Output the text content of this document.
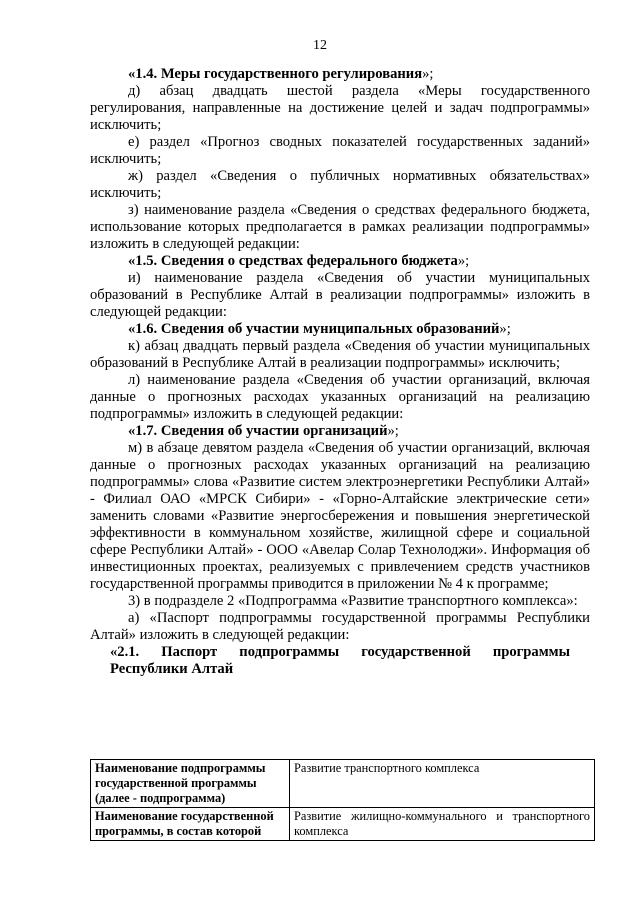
12

«1.4. Меры государственного регулирования»;

д) абзац двадцать шестой раздела «Меры государственного регулирования, направленные на достижение целей и задач подпрограммы» исключить;

е) раздел «Прогноз сводных показателей государственных заданий» исключить;

ж) раздел «Сведения о публичных нормативных обязательствах» исключить;

з) наименование раздела «Сведения о средствах федерального бюджета, использование которых предполагается в рамках реализации подпрограммы» изложить в следующей редакции:

«1.5. Сведения о средствах федерального бюджета»;

и) наименование раздела «Сведения об участии муниципальных образований в Республике Алтай в реализации подпрограммы» изложить в следующей редакции:

«1.6. Сведения об участии муниципальных образований»;

к) абзац двадцать первый раздела «Сведения об участии муниципальных образований в Республике Алтай в реализации подпрограммы» исключить;

л) наименование раздела «Сведения об участии организаций, включая данные о прогнозных расходах указанных организаций на реализацию подпрограммы» изложить в следующей редакции:

«1.7. Сведения об участии организаций»;

м) в абзаце девятом раздела «Сведения об участии организаций, включая данные о прогнозных расходах указанных организаций на реализацию подпрограммы» слова «Развитие систем электроэнергетики Республики Алтай» - Филиал ОАО «МРСК Сибири» - «Горно-Алтайские электрические сети» заменить словами «Развитие энергосбережения и повышения энергетической эффективности в коммунальном хозяйстве, жилищной сфере и социальной сфере Республики Алтай» - ООО «Авелар Солар Технолоджи». Информация об инвестиционных проектах, реализуемых с привлечением средств участников государственной программы приводится в приложении № 4 к программе;

3) в подразделе 2 «Подпрограмма «Развитие транспортного комплекса»:

а) «Паспорт подпрограммы государственной программы Республики Алтай» изложить в следующей редакции:

«2.1. Паспорт подпрограммы государственной программы Республики Алтай

Наименование подпрограммы государственной программы (далее - подпрограмма)	Развитие транспортного комплекса
Наименование государственной программы, в состав которой	Развитие жилищно-коммунального и транспортного комплекса
